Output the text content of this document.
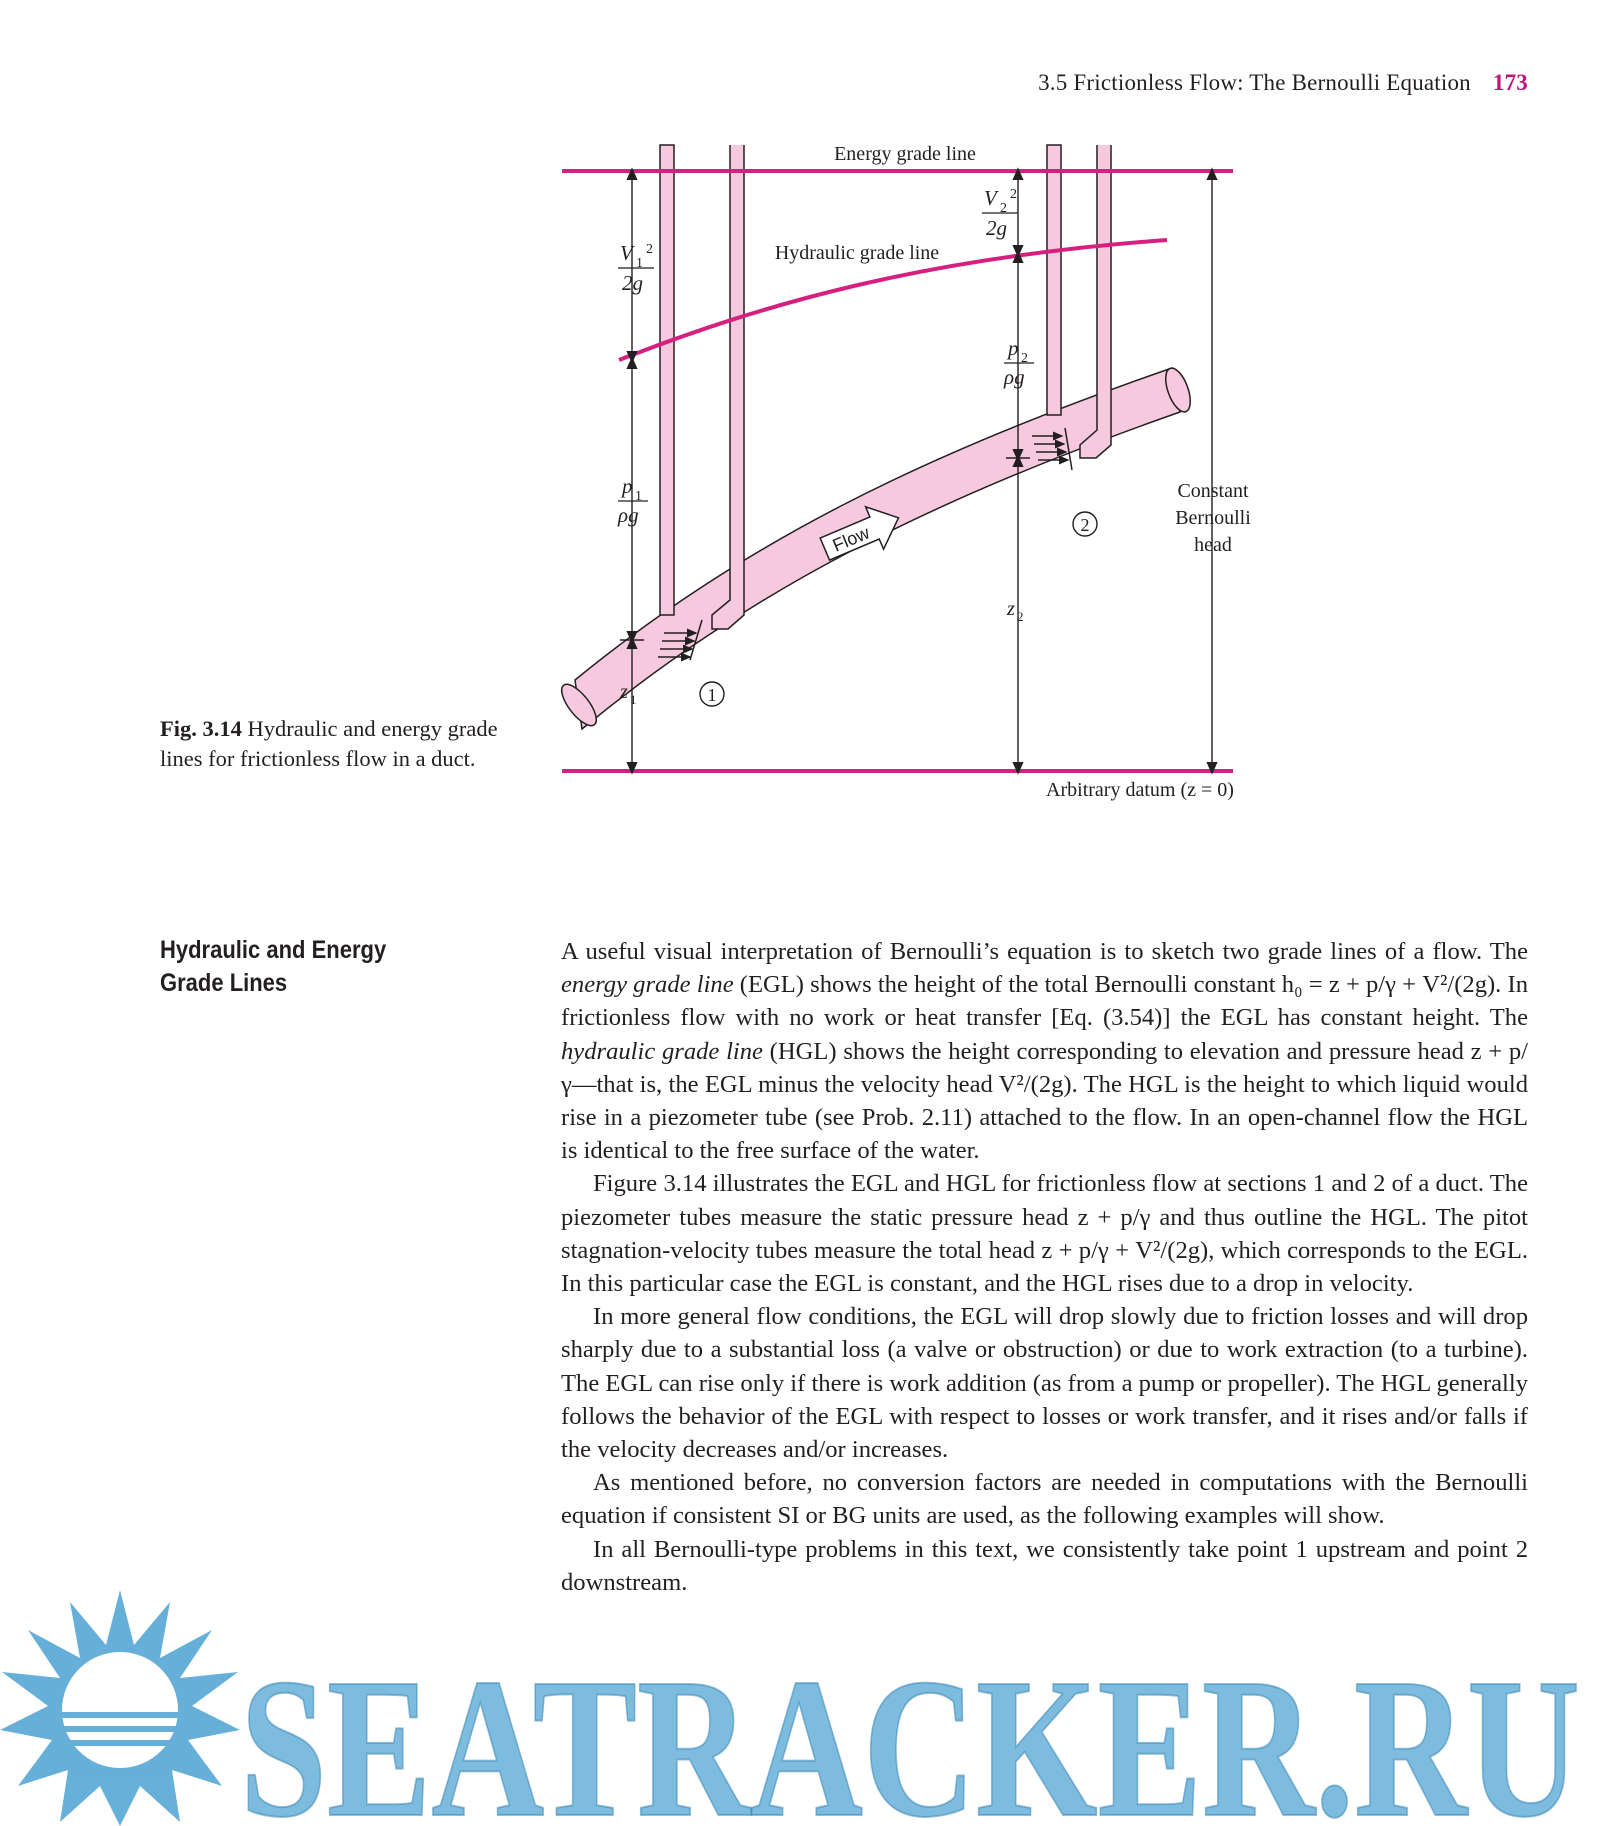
3.5 Frictionless Flow: The Bernoulli Equation 173
Flow
Energy grade line
Hydraulic grade line
Constant
Bernoulli
head
Arbitrary datum (z = 0)
V 1
2
2g
p 1
ρg
z 1
V 2
2
2g
p 2
ρg
z 2
1
2
Fig. 3.14 Hydraulic and energy grade lines for frictionless flow in a duct.
Hydraulic and Energy Grade Lines

A useful visual interpretation of Bernoulli’s equation is to sketch two grade lines of a flow. The energy grade line (EGL) shows the height of the total Bernoulli constant h₀ = z + p/γ + V²/(2g). In frictionless flow with no work or heat transfer [Eq. (3.54)] the EGL has constant height. The hydraulic grade line (HGL) shows the height corresponding to elevation and pressure head z + p/γ—that is, the EGL minus the velocity head V²/(2g). The HGL is the height to which liquid would rise in a piezometer tube (see Prob. 2.11) attached to the flow. In an open-channel flow the HGL is identical to the free surface of the water.

Figure 3.14 illustrates the EGL and HGL for frictionless flow at sections 1 and 2 of a duct. The piezometer tubes measure the static pressure head z + p/γ and thus outline the HGL. The pitot stagnation-velocity tubes measure the total head z + p/γ + V²/(2g), which corresponds to the EGL. In this particular case the EGL is constant, and the HGL rises due to a drop in velocity.

In more general flow conditions, the EGL will drop slowly due to friction losses and will drop sharply due to a substantial loss (a valve or obstruction) or due to work extraction (to a turbine). The EGL can rise only if there is work addition (as from a pump or propeller). The HGL generally follows the behavior of the EGL with respect to losses or work transfer, and it rises and/or falls if the velocity decreases and/or increases.

As mentioned before, no conversion factors are needed in computations with the Bernoulli equation if consistent SI or BG units are used, as the following examples will show.

In all Bernoulli-type problems in this text, we consistently take point 1 upstream and point 2 downstream.

SEATRACKER.RU
